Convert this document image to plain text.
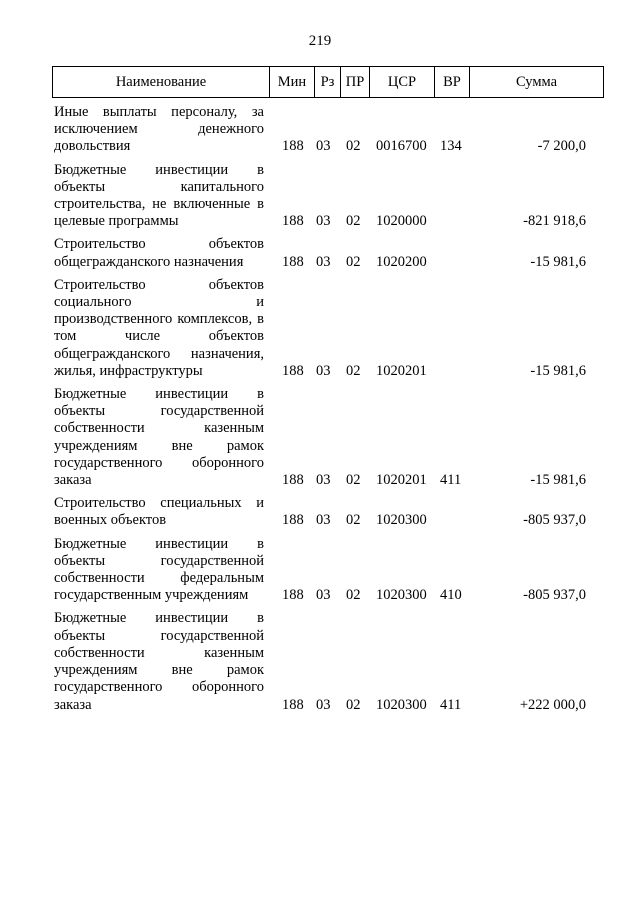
219
Наименование	Мин Рз ПР	ЦСР	ВР	Сумма
Иные выплаты персоналу, за исключением денежного довольствия	188 03 02 0016700 134	-7 200,0
Бюджетные инвестиции в объекты капитального строительства, не включенные в целевые программы	188 03 02 1020000	-821 918,6
Строительство объектов общегражданского назначения	188 03 02 1020200	-15 981,6
Строительство объектов социального и производственного комплексов, в том числе объектов общегражданского назначения, жилья, инфраструктуры	188 03 02 1020201	-15 981,6
Бюджетные инвестиции в объекты государственной собственности казенным учреждениям вне рамок государственного оборонного заказа	188 03 02 1020201 411	-15 981,6
Строительство специальных и военных объектов	188 03 02 1020300	-805 937,0
Бюджетные инвестиции в объекты государственной собственности федеральным государственным учреждениям	188 03 02 1020300 410	-805 937,0
Бюджетные инвестиции в объекты государственной собственности казенным учреждениям вне рамок государственного оборонного заказа	188 03 02 1020300 411	+222 000,0
